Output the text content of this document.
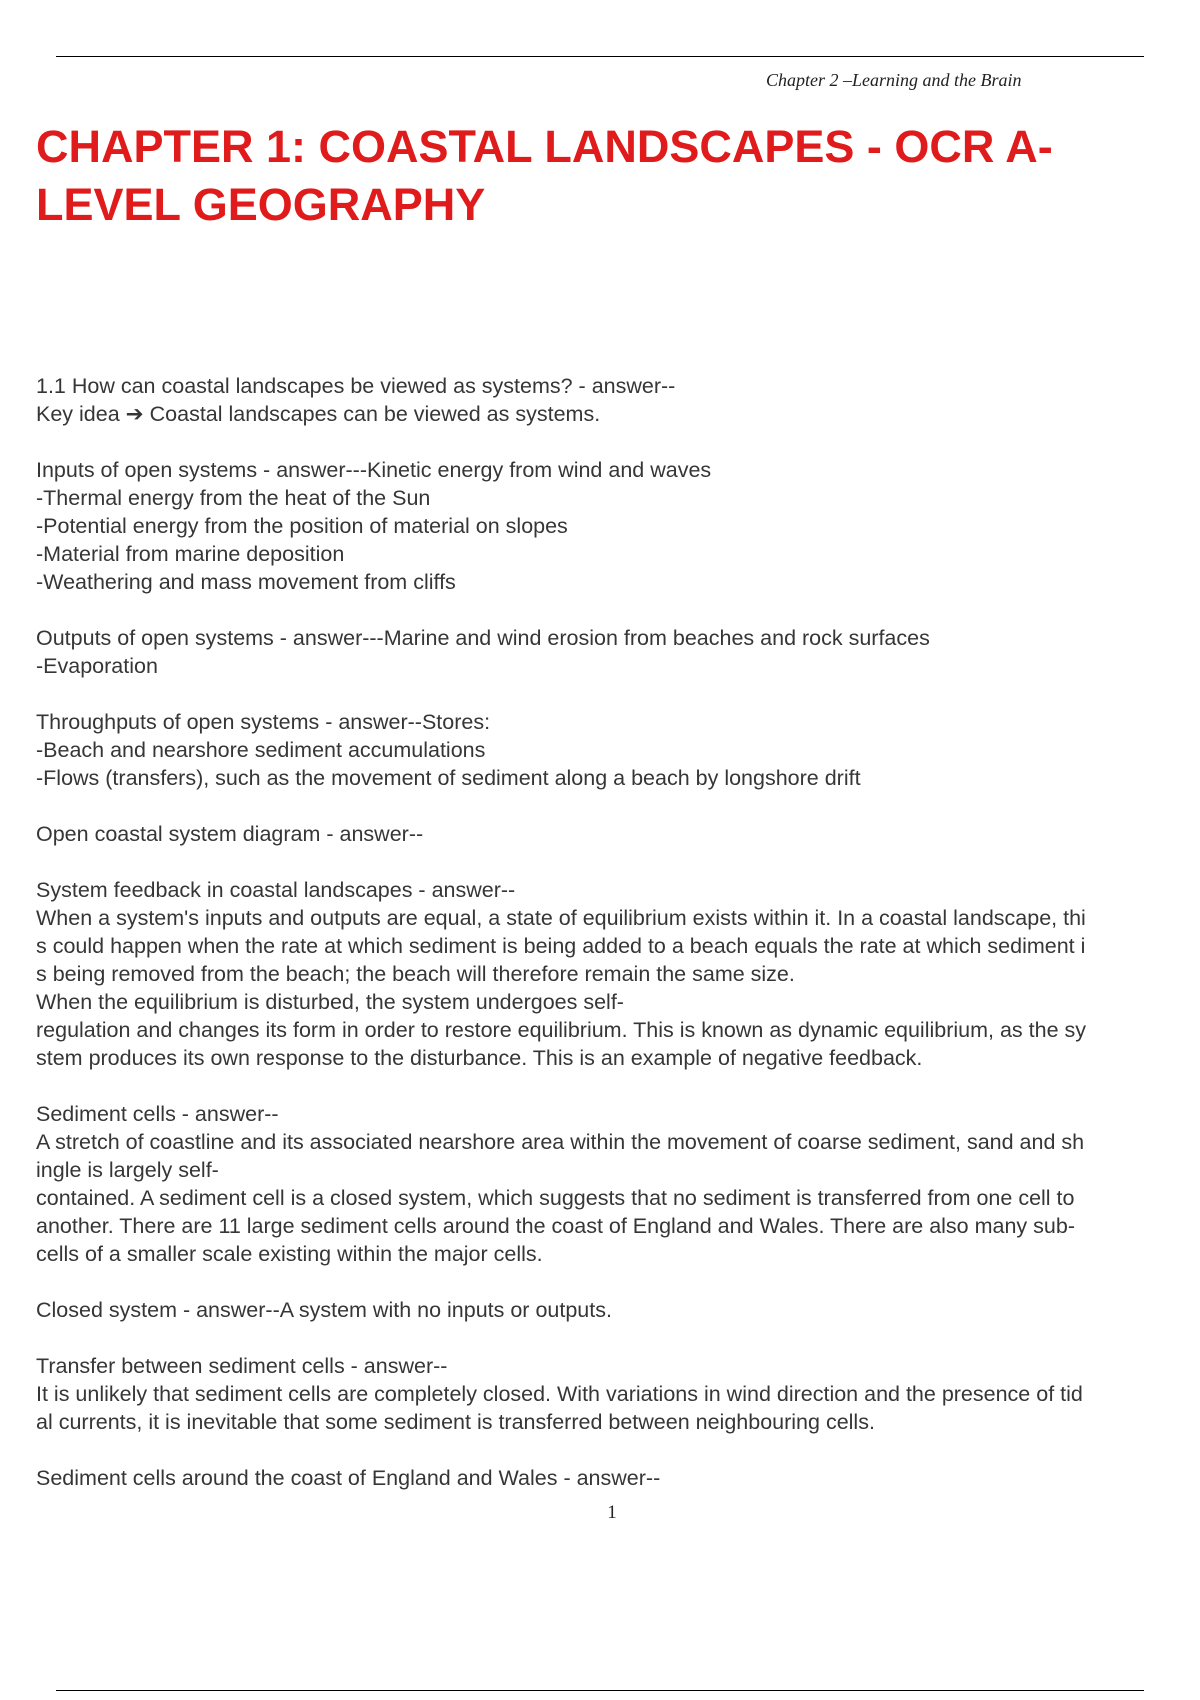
Chapter 2 –Learning and the Brain
CHAPTER 1: COASTAL LANDSCAPES - OCR A-
LEVEL GEOGRAPHY
1.1 How can coastal landscapes be viewed as systems? - answer--
Key idea ➔ Coastal landscapes can be viewed as systems.
Inputs of open systems - answer---Kinetic energy from wind and waves
-Thermal energy from the heat of the Sun
-Potential energy from the position of material on slopes
-Material from marine deposition
-Weathering and mass movement from cliffs
Outputs of open systems - answer---Marine and wind erosion from beaches and rock surfaces
-Evaporation
Throughputs of open systems - answer--Stores:
-Beach and nearshore sediment accumulations
-Flows (transfers), such as the movement of sediment along a beach by longshore drift
Open coastal system diagram - answer--
System feedback in coastal landscapes - answer--
When a system's inputs and outputs are equal, a state of equilibrium exists within it. In a coastal landscape, thi
s could happen when the rate at which sediment is being added to a beach equals the rate at which sediment i
s being removed from the beach; the beach will therefore remain the same size.
When the equilibrium is disturbed, the system undergoes self-
regulation and changes its form in order to restore equilibrium. This is known as dynamic equilibrium, as the sy
stem produces its own response to the disturbance. This is an example of negative feedback.
Sediment cells - answer--
A stretch of coastline and its associated nearshore area within the movement of coarse sediment, sand and sh
ingle is largely self-
contained. A sediment cell is a closed system, which suggests that no sediment is transferred from one cell to
another. There are 11 large sediment cells around the coast of England and Wales. There are also many sub-
cells of a smaller scale existing within the major cells.
Closed system - answer--A system with no inputs or outputs.
Transfer between sediment cells - answer--
It is unlikely that sediment cells are completely closed. With variations in wind direction and the presence of tid
al currents, it is inevitable that some sediment is transferred between neighbouring cells.
Sediment cells around the coast of England and Wales - answer--
1
